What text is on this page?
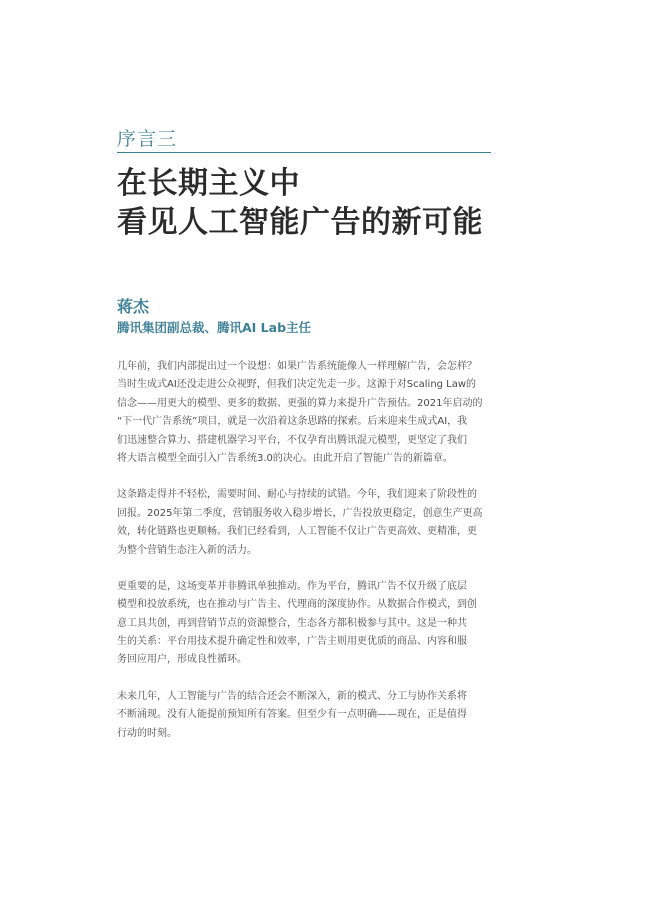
序言三
在长期主义中
看见人工智能广告的新可能
蒋杰
腾讯集团副总裁、腾讯AI Lab主任
几年前，我们内部提出过一个设想：如果广告系统能像人一样理解广告，会怎样？
当时生成式AI还没走进公众视野，但我们决定先走一步。这源于对Scaling Law的
信念——用更大的模型、更多的数据、更强的算力来提升广告预估。2021年启动的
“下一代广告系统”项目，就是一次沿着这条思路的探索。后来迎来生成式AI，我
们迅速整合算力、搭建机器学习平台，不仅孕育出腾讯混元模型，更坚定了我们
将大语言模型全面引入广告系统3.0的决心。由此开启了智能广告的新篇章。
这条路走得并不轻松，需要时间、耐心与持续的试错。今年，我们迎来了阶段性的
回报。2025年第二季度，营销服务收入稳步增长，广告投放更稳定，创意生产更高
效，转化链路也更顺畅。我们已经看到，人工智能不仅让广告更高效、更精准，更
为整个营销生态注入新的活力。
更重要的是，这场变革并非腾讯单独推动。作为平台，腾讯广告不仅升级了底层
模型和投放系统，也在推动与广告主、代理商的深度协作。从数据合作模式，到创
意工具共创，再到营销节点的资源整合，生态各方都积极参与其中。这是一种共
生的关系：平台用技术提升确定性和效率，广告主则用更优质的商品、内容和服
务回应用户，形成良性循环。
未来几年，人工智能与广告的结合还会不断深入，新的模式、分工与协作关系将
不断涌现。没有人能提前预知所有答案。但至少有一点明确——现在，正是值得
行动的时刻。
